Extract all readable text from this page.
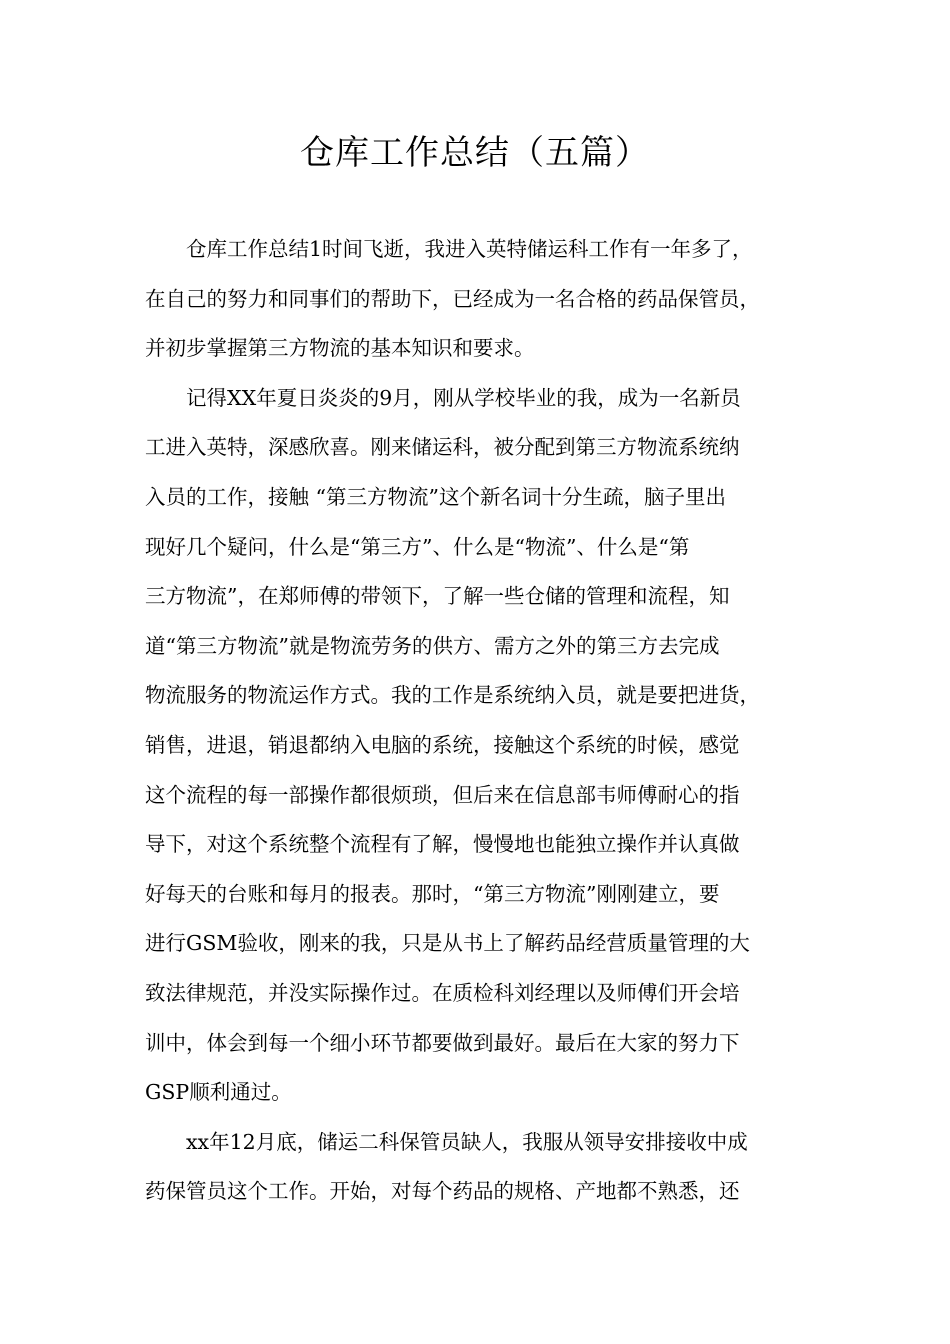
仓库工作总结（五篇）
　　仓库工作总结1时间飞逝，我进入英特储运科工作有一年多了，
在自己的努力和同事们的帮助下，已经成为一名合格的药品保管员，
并初步掌握第三方物流的基本知识和要求。
　　记得XX年夏日炎炎的9月，刚从学校毕业的我，成为一名新员
工进入英特，深感欣喜。刚来储运科，被分配到第三方物流系统纳
入员的工作，接触 “第三方物流”这个新名词十分生疏，脑子里出
现好几个疑问，什么是“第三方”、什么是“物流”、什么是“第
三方物流”，在郑师傅的带领下，了解一些仓储的管理和流程，知
道“第三方物流”就是物流劳务的供方、需方之外的第三方去完成
物流服务的物流运作方式。我的工作是系统纳入员，就是要把进货，
销售，进退，销退都纳入电脑的系统，接触这个系统的时候，感觉
这个流程的每一部操作都很烦琐，但后来在信息部韦师傅耐心的指
导下，对这个系统整个流程有了解，慢慢地也能独立操作并认真做
好每天的台账和每月的报表。那时，“第三方物流”刚刚建立，要
进行GSM验收，刚来的我，只是从书上了解药品经营质量管理的大
致法律规范，并没实际操作过。在质检科刘经理以及师傅们开会培
训中，体会到每一个细小环节都要做到最好。最后在大家的努力下
GSP顺利通过。
　　xx年12月底，储运二科保管员缺人，我服从领导安排接收中成
药保管员这个工作。开始，对每个药品的规格、产地都不熟悉，还
